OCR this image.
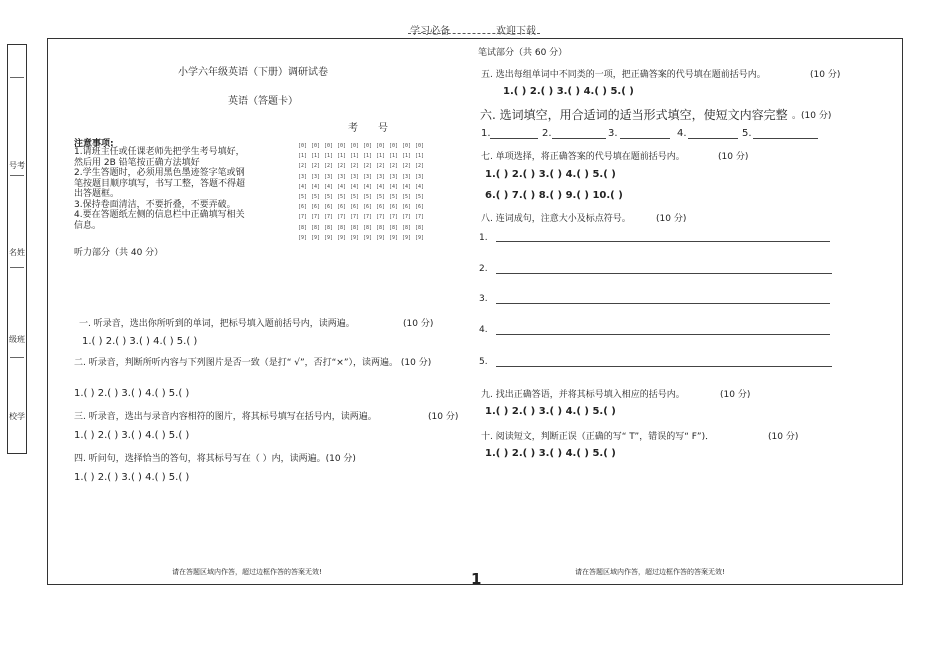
学习必备	欢迎下载
号考
名姓
级班
校学
小学六年级英语（下册）调研试卷
英语（答题卡）
考　　号
注意事项:
1.请班主任或任课老师先把学生考号填好，然后用 2B 铅笔按正确方法填好
2.学生答题时，必须用黑色墨迹签字笔或钢笔按题目顺序填写，书写工整，答题不得超出答题框。
3.保持卷面清洁，不要折叠，不要弄破。
4.要在答题纸左侧的信息栏中正确填写相关信息。
[0] [0] [0] [0] [0] [0] [0] [0] [0] [0]
[1] [1] [1] [1] [1] [1] [1] [1] [1] [1]
[2] [2] [2] [2] [2] [2] [2] [2] [2] [2]
[3] [3] [3] [3] [3] [3] [3] [3] [3] [3]
[4] [4] [4] [4] [4] [4] [4] [4] [4] [4]
[5] [5] [5] [5] [5] [5] [5] [5] [5] [5]
[6] [6] [6] [6] [6] [6] [6] [6] [6] [6]
[7] [7] [7] [7] [7] [7] [7] [7] [7] [7]
[8] [8] [8] [8] [8] [8] [8] [8] [8] [8]
[9] [9] [9] [9] [9] [9] [9] [9] [9] [9]
听力部分（共 40 分）
一. 听录音，选出你所听到的单词，把标号填入题前括号内，读两遍。	(10 分)
1.( ) 2.( ) 3.( ) 4.( ) 5.( )
二. 听录音，判断所听内容与下列图片是否一致（是打“ √”，否打“×”），读两遍。 (10 分)
1.( ) 2.( ) 3.( ) 4.( ) 5.( )
三. 听录音，选出与录音内容相符的图片，将其标号填写在括号内，读两遍。	(10 分)
1.( ) 2.( ) 3.( ) 4.( ) 5.( )
四. 听问句，选择恰当的答句，将其标号写在（ ）内，读两遍。(10 分)
1.( ) 2.( ) 3.( ) 4.( ) 5.( )
请在答题区域内作答，超过边框作答的答案无效!	1
笔试部分（共 60 分）
五. 选出每组单词中不同类的一项，把正确答案的代号填在题前括号内。	(10 分)
1.( ) 2.( ) 3.( ) 4.( ) 5.( )
六. 选词填空，用合适词的适当形式填空，使短文内容完整 。(10 分)
1.	2.	3.	4.	5.
七. 单项选择，将正确答案的代号填在题前括号内。	(10 分)
1.( ) 2.( ) 3.( ) 4.( ) 5.( )
6.( ) 7.( ) 8.( ) 9.( ) 10.( )
八. 连词成句，注意大小及标点符号。	(10 分)
1.
2.
3.
4.
5.
九. 找出正确答语，并将其标号填入相应的括号内。	(10 分)
1.( ) 2.( ) 3.( ) 4.( ) 5.( )
十. 阅读短文，判断正误（正确的写“ T”，错误的写“ F”)．	(10 分)
1.( ) 2.( ) 3.( ) 4.( ) 5.( )
请在答题区域内作答，超过边框作答的答案无效!
